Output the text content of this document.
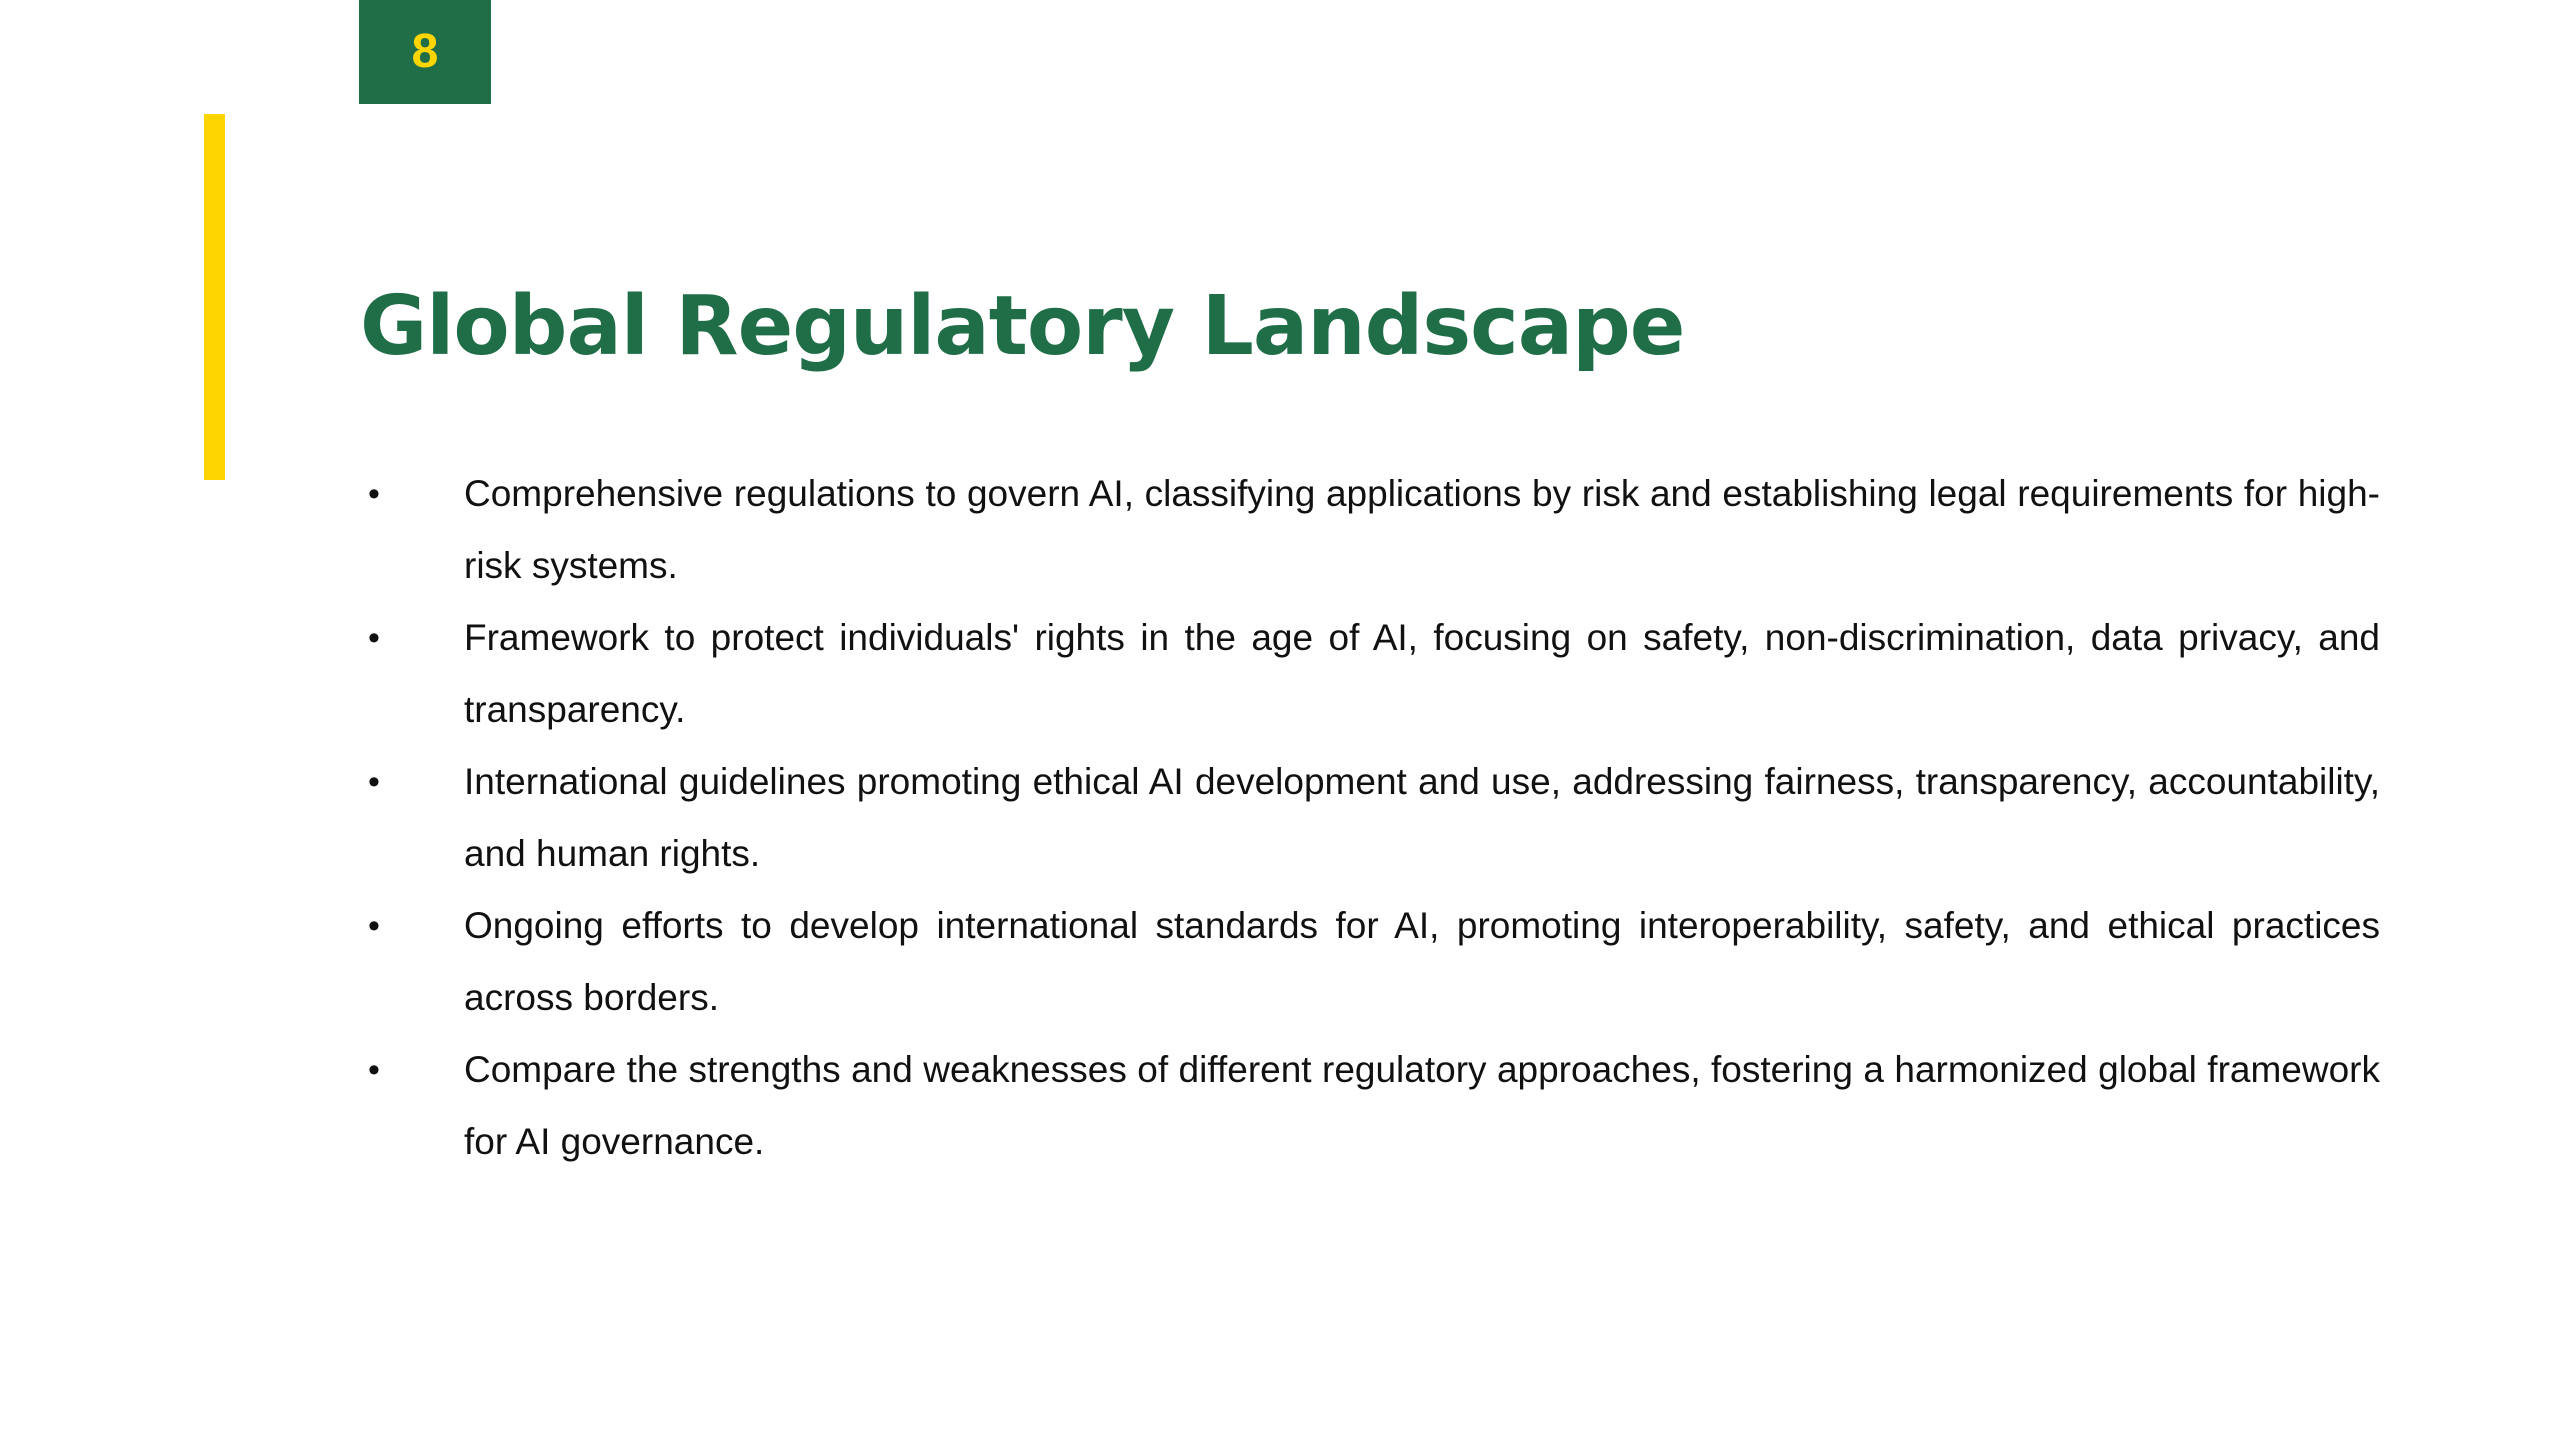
8
Global Regulatory Landscape
• Comprehensive regulations to govern AI, classifying applications by risk and establishing legal requirements for high-risk systems.
• Framework to protect individuals' rights in the age of AI, focusing on safety, non-discrimination, data privacy, and transparency.
• International guidelines promoting ethical AI development and use, addressing fairness, transparency, accountability, and human rights.
• Ongoing efforts to develop international standards for AI, promoting interoperability, safety, and ethical practices across borders.
• Compare the strengths and weaknesses of different regulatory approaches, fostering a harmonized global framework for AI governance.
